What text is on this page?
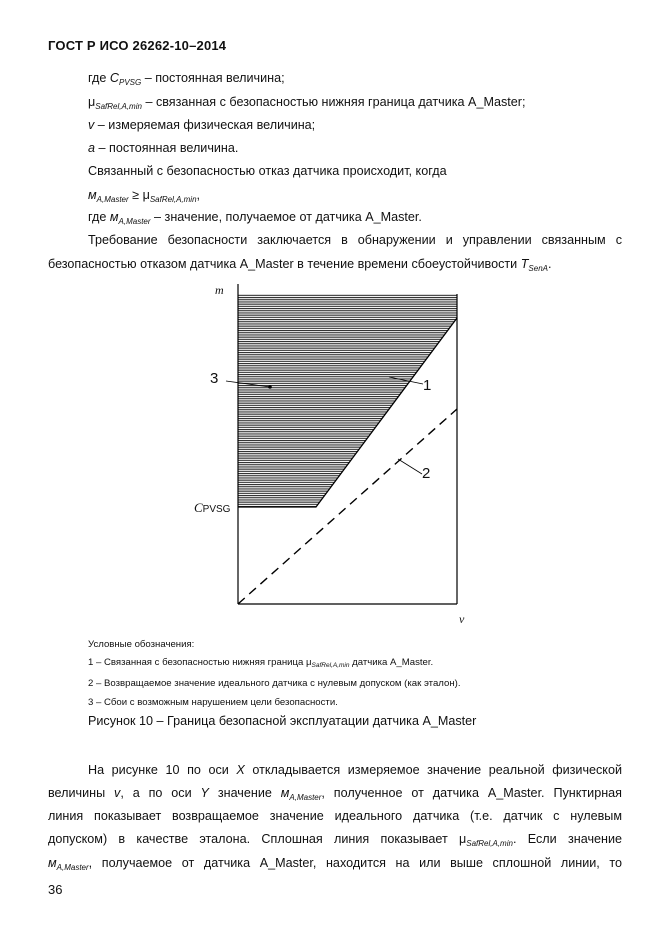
ГОСТ Р ИСО 26262-10–2014
где $C_{PVSG}$ – постоянная величина;
$\mu_{SafRel,A,min}$ – связанная с безопасностью нижняя граница датчика A_Master;
v – измеряемая физическая величина;
a – постоянная величина.
Связанный с безопасностью отказ датчика происходит, когда
$м_{A,Master} \ge \mu_{SafRel,A,min}$,
где $м_{A,Master}$ – значение, получаемое от датчика A_Master.
Требование безопасности заключается в обнаружении и управлении связанным с
безопасностью отказом датчика A_Master в течение времени сбоеустойчивости $T_{SenA}$.
m
v
CPVSG
3	1
2
Условные обозначения:
1 – Связанная с безопасностью нижняя граница $\mu_{SafRel,A,min}$ датчика A_Master.
2 – Возвращаемое значение идеального датчика с нулевым допуском (как эталон).
3 – Сбои с возможным нарушением цели безопасности.
Рисунок 10 – Граница безопасной эксплуатации датчика A_Master
На рисунке 10 по оси X откладывается измеряемое значение реальной физической
величины v, а по оси Y значение $м_{A,Master}$, полученное от датчика A_Master. Пунктирная
линия показывает возвращаемое значение идеального датчика (т.е. датчик с нулевым
допуском) в качестве эталона. Сплошная линия показывает $\mu_{SafRel,A,min}$. Если значение
$м_{A,Master}$, получаемое от датчика A_Master, находится на или выше сплошной линии, то
36
